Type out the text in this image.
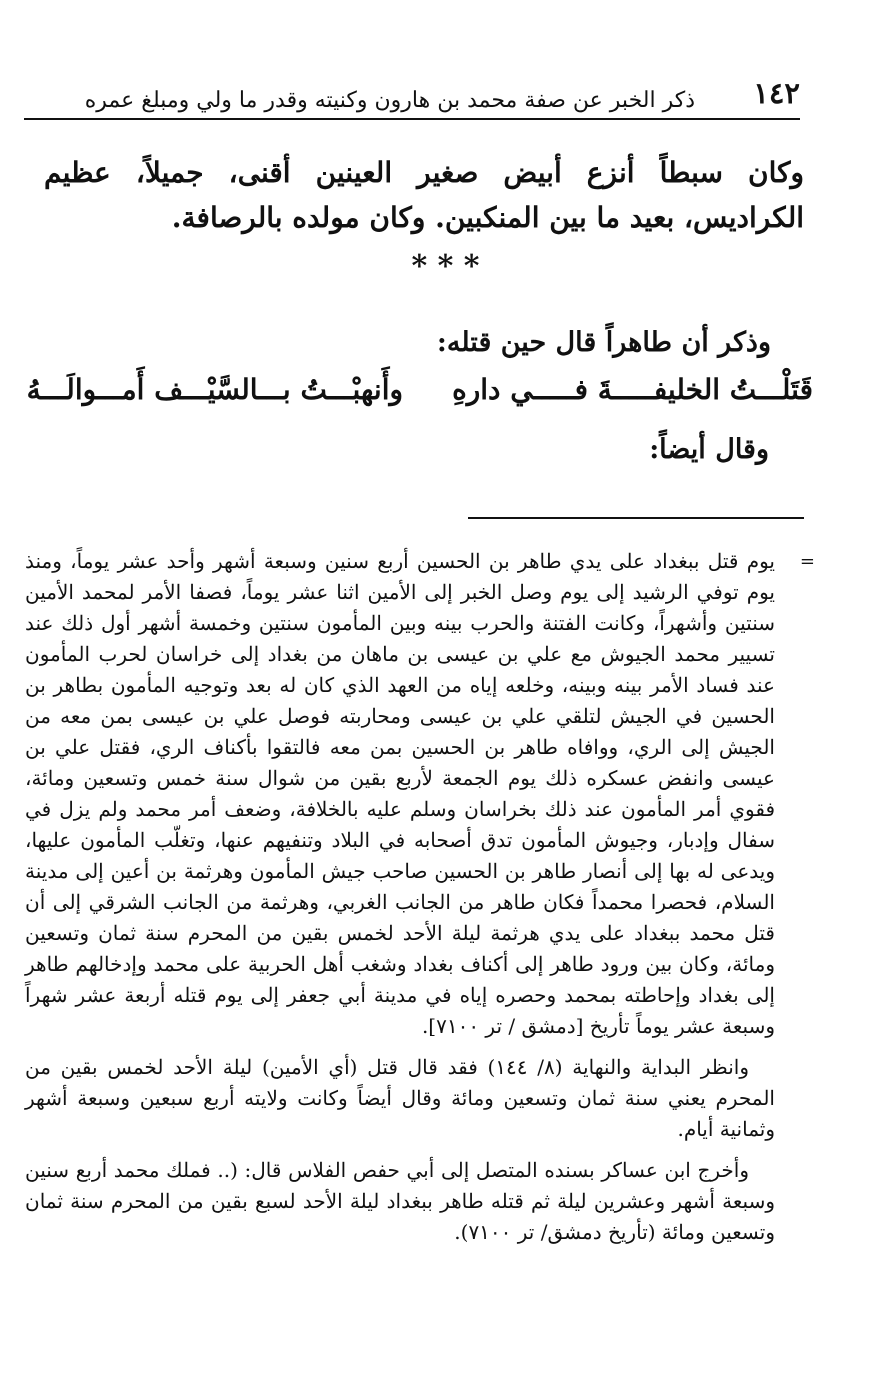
١٤٢
ذكر الخبر عن صفة محمد بن هارون وكنيته وقدر ما ولي ومبلغ عمره
وكان سبطاً أنزع أبيض صغير العينين أقنى، جميلاً، عظيم الكراديس، بعيد ما بين المنكبين. وكان مولده بالرصافة.
* * *
وذكر أن طاهراً قال حين قتله:
قَتَلْـــتُ الخليفـــــةَ فـــــي دارهِ
وأَنهبْـــتُ بـــالسَّيْـــف أَمـــوالَـــهُ
وقال أيضاً:
=

يوم قتل ببغداد على يدي طاهر بن الحسين أربع سنين وسبعة أشهر وأحد عشر يوماً، ومنذ يوم توفي الرشيد إلى يوم وصل الخبر إلى الأمين اثنا عشر يوماً، فصفا الأمر لمحمد الأمين سنتين وأشهراً، وكانت الفتنة والحرب بينه وبين المأمون سنتين وخمسة أشهر أول ذلك عند تسيير محمد الجيوش مع علي بن عيسى بن ماهان من بغداد إلى خراسان لحرب المأمون عند فساد الأمر بينه وبينه، وخلعه إياه من العهد الذي كان له بعد وتوجيه المأمون بطاهر بن الحسين في الجيش لتلقي علي بن عيسى ومحاربته فوصل علي بن عيسى بمن معه من الجيش إلى الري، ووافاه طاهر بن الحسين بمن معه فالتقوا بأكناف الري، فقتل علي بن عيسى وانفض عسكره ذلك يوم الجمعة لأربع بقين من شوال سنة خمس وتسعين ومائة، فقوي أمر المأمون عند ذلك بخراسان وسلم عليه بالخلافة، وضعف أمر محمد ولم يزل في سفال وإدبار، وجيوش المأمون تدق أصحابه في البلاد وتنفيهم عنها، وتغلّب المأمون عليها، ويدعى له بها إلى أنصار طاهر بن الحسين صاحب جيش المأمون وهرثمة بن أعين إلى مدينة السلام، فحصرا محمداً فكان طاهر من الجانب الغربي، وهرثمة من الجانب الشرقي إلى أن قتل محمد ببغداد على يدي هرثمة ليلة الأحد لخمس بقين من المحرم سنة ثمان وتسعين ومائة، وكان بين ورود طاهر إلى أكناف بغداد وشغب أهل الحربية على محمد وإدخالهم طاهر إلى بغداد وإحاطته بمحمد وحصره إياه في مدينة أبي جعفر إلى يوم قتله أربعة عشر شهراً وسبعة عشر يوماً تأريخ [دمشق / تر ٧١٠٠].

وانظر البداية والنهاية (٨/ ١٤٤) فقد قال قتل (أي الأمين) ليلة الأحد لخمس بقين من المحرم يعني سنة ثمان وتسعين ومائة وقال أيضاً وكانت ولايته أربع سبعين وسبعة أشهر وثمانية أيام.

وأخرج ابن عساكر بسنده المتصل إلى أبي حفص الفلاس قال: (.. فملك محمد أربع سنين وسبعة أشهر وعشرين ليلة ثم قتله طاهر ببغداد ليلة الأحد لسبع بقين من المحرم سنة ثمان وتسعين ومائة (تأريخ دمشق/ تر ٧١٠٠).
